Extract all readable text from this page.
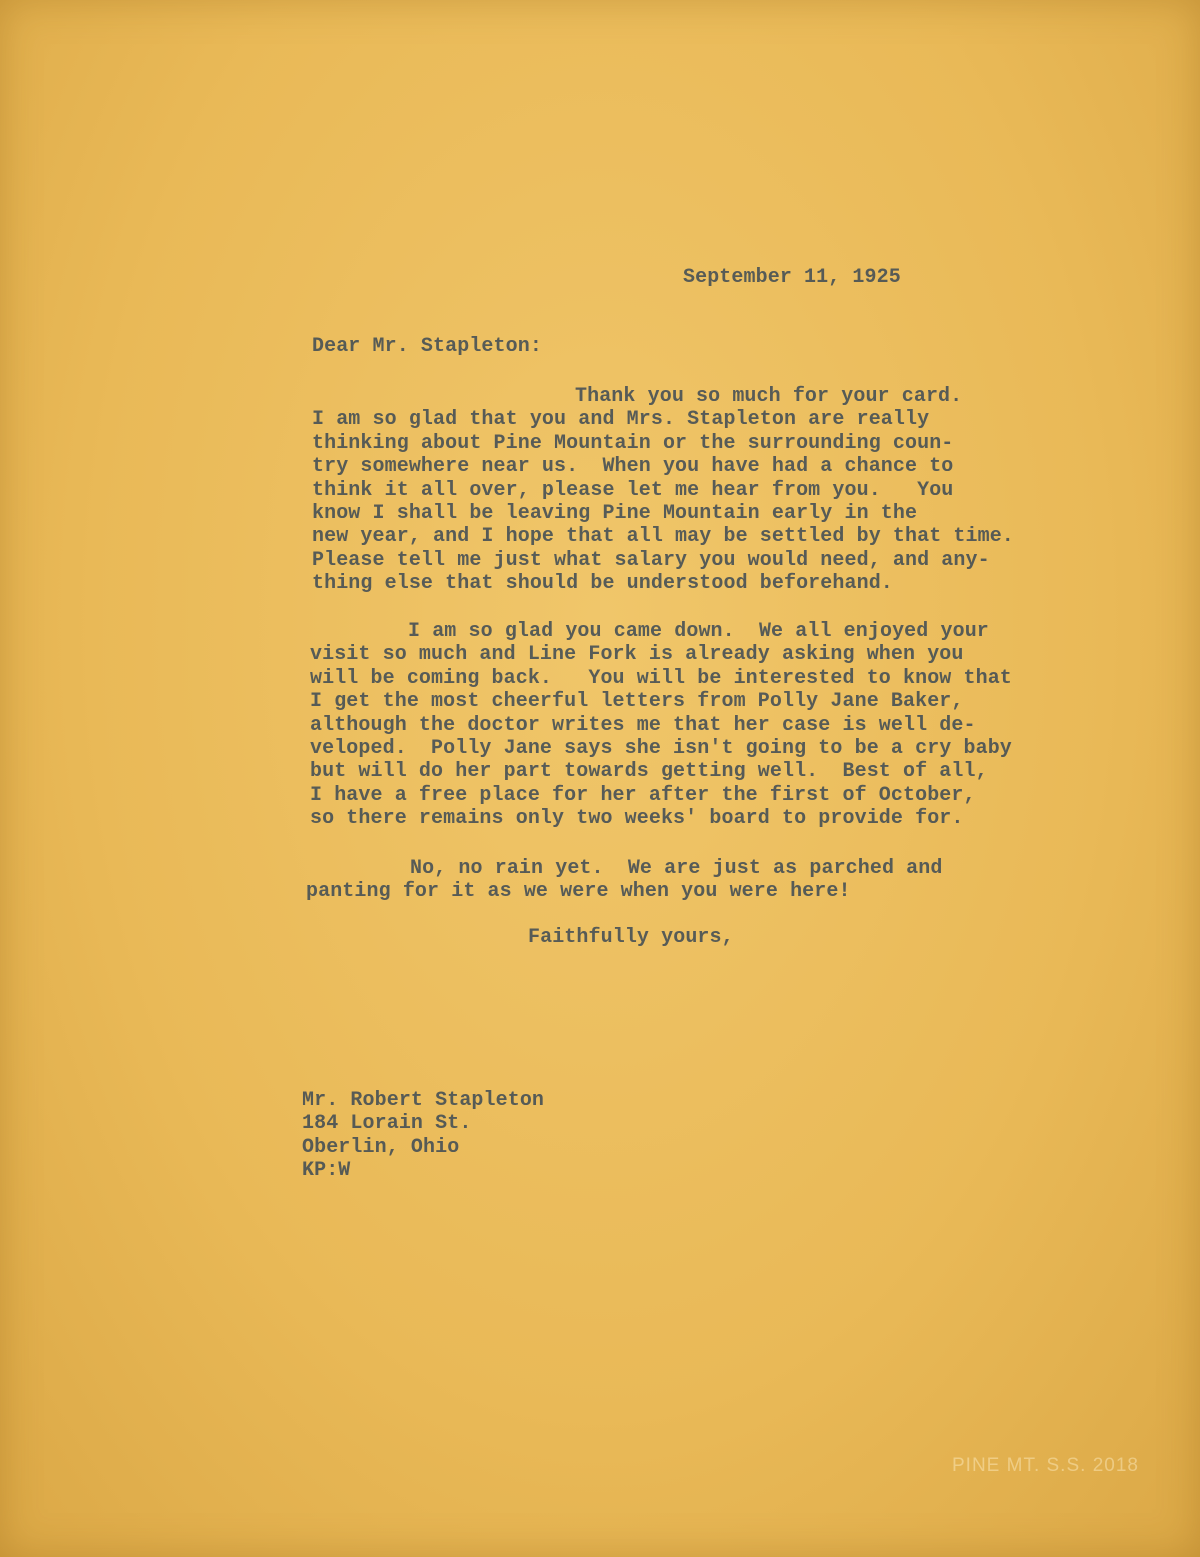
September 11, 1925
Dear Mr. Stapleton:
Thank you so much for your card.
I am so glad that you and Mrs. Stapleton are really
thinking about Pine Mountain or the surrounding coun-
try somewhere near us.  When you have had a chance to
think it all over, please let me hear from you.   You
know I shall be leaving Pine Mountain early in the
new year, and I hope that all may be settled by that time.
Please tell me just what salary you would need, and any-
thing else that should be understood beforehand.
I am so glad you came down.  We all enjoyed your
visit so much and Line Fork is already asking when you
will be coming back.   You will be interested to know that
I get the most cheerful letters from Polly Jane Baker,
although the doctor writes me that her case is well de-
veloped.  Polly Jane says she isn't going to be a cry baby
but will do her part towards getting well.  Best of all,
I have a free place for her after the first of October,
so there remains only two weeks' board to provide for.
No, no rain yet.  We are just as parched and
panting for it as we were when you were here!
Faithfully yours,
Mr. Robert Stapleton
184 Lorain St.
Oberlin, Ohio
KP:W
PINE MT. S.S. 2018
